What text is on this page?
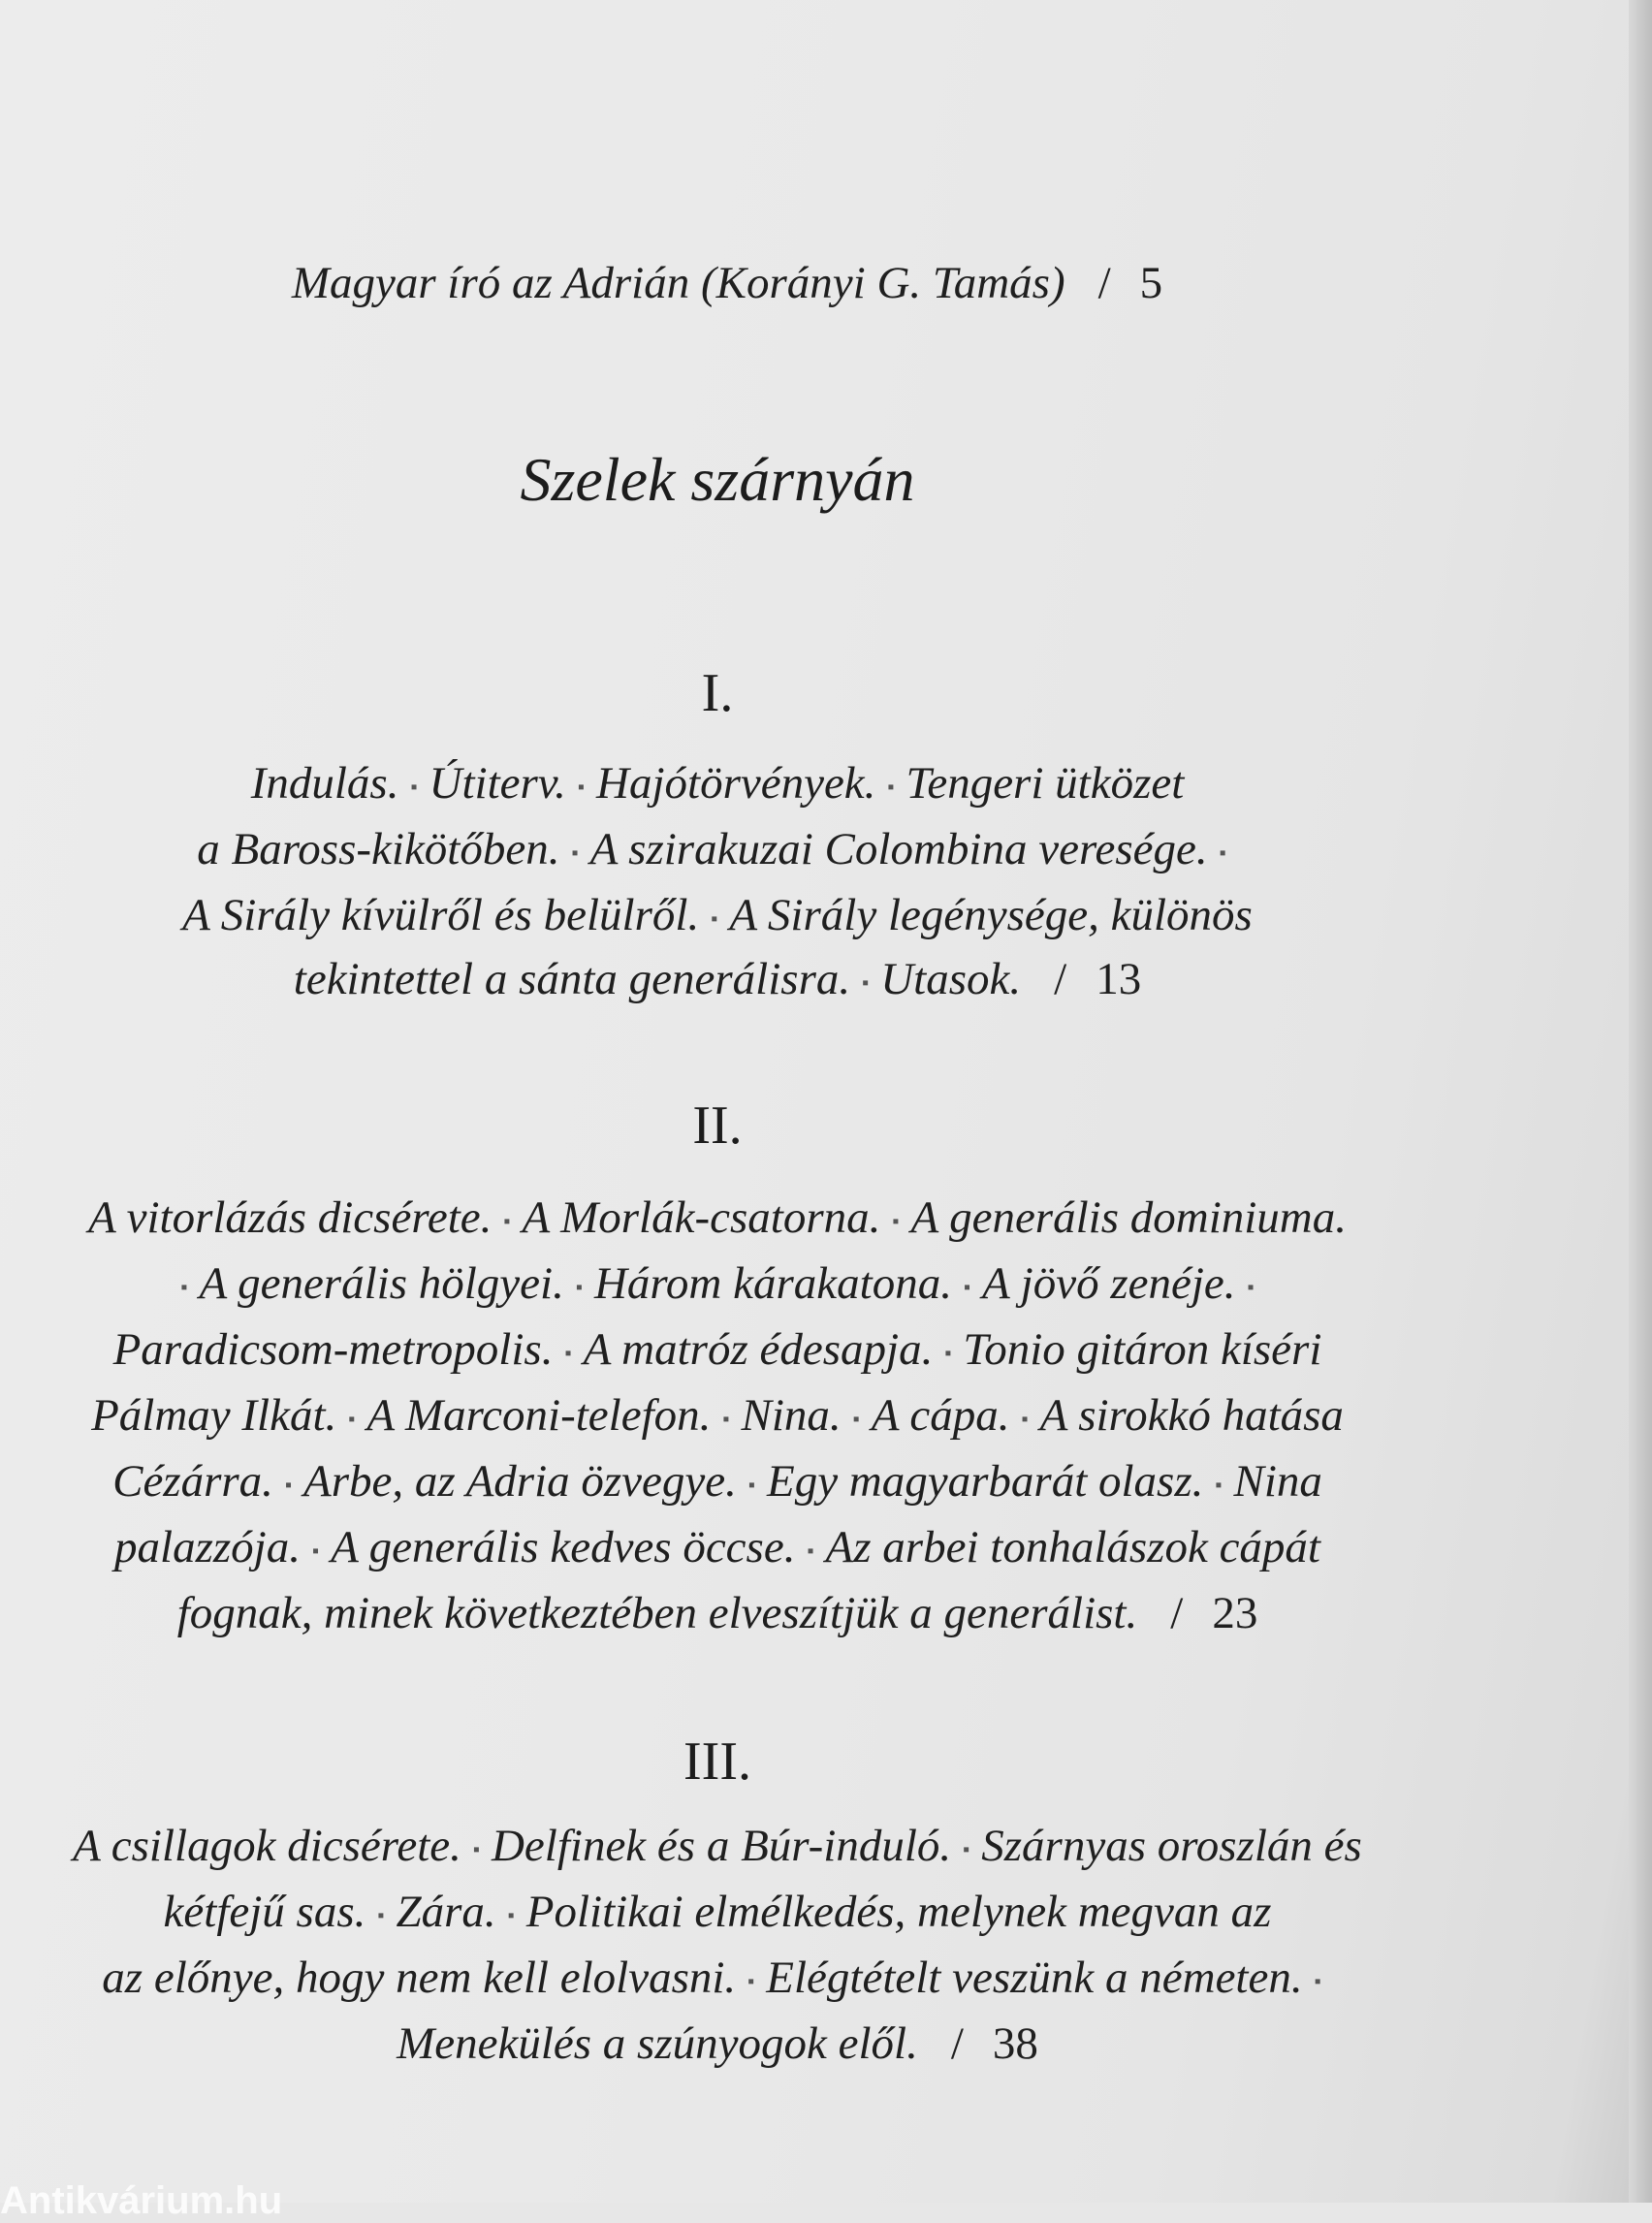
Magyar író az Adrián (Korányi G. Tamás) / 5
Szelek szárnyán
I.
Indulás. ▪ Útiterv. ▪ Hajótörvények. ▪ Tengeri ütközet
a Baross-kikötőben. ▪ A szirakuzai Colombina veresége. ▪
A Sirály kívülről és belülről. ▪ A Sirály legénysége, különös
tekintettel a sánta generálisra. ▪ Utasok. / 13
II.
A vitorlázás dicsérete. ▪ A Morlák-csatorna. ▪ A generális dominiuma.
▪ A generális hölgyei. ▪ Három kárakatona. ▪ A jövő zenéje. ▪
Paradicsom-metropolis. ▪ A matróz édesapja. ▪ Tonio gitáron kíséri
Pálmay Ilkát. ▪ A Marconi-telefon. ▪ Nina. ▪ A cápa. ▪ A sirokkó hatása
Cézárra. ▪ Arbe, az Adria özvegye. ▪ Egy magyarbarát olasz. ▪ Nina
palazzója. ▪ A generális kedves öccse. ▪ Az arbei tonhalászok cápát
fognak, minek következtében elveszítjük a generálist. / 23
III.
A csillagok dicsérete. ▪ Delfinek és a Búr-induló. ▪ Szárnyas oroszlán és
kétfejű sas. ▪ Zára. ▪ Politikai elmélkedés, melynek megvan az
az előnye, hogy nem kell elolvasni. ▪ Elégtételt veszünk a németen. ▪
Menekülés a szúnyogok elől. / 38
Antikvárium.hu
